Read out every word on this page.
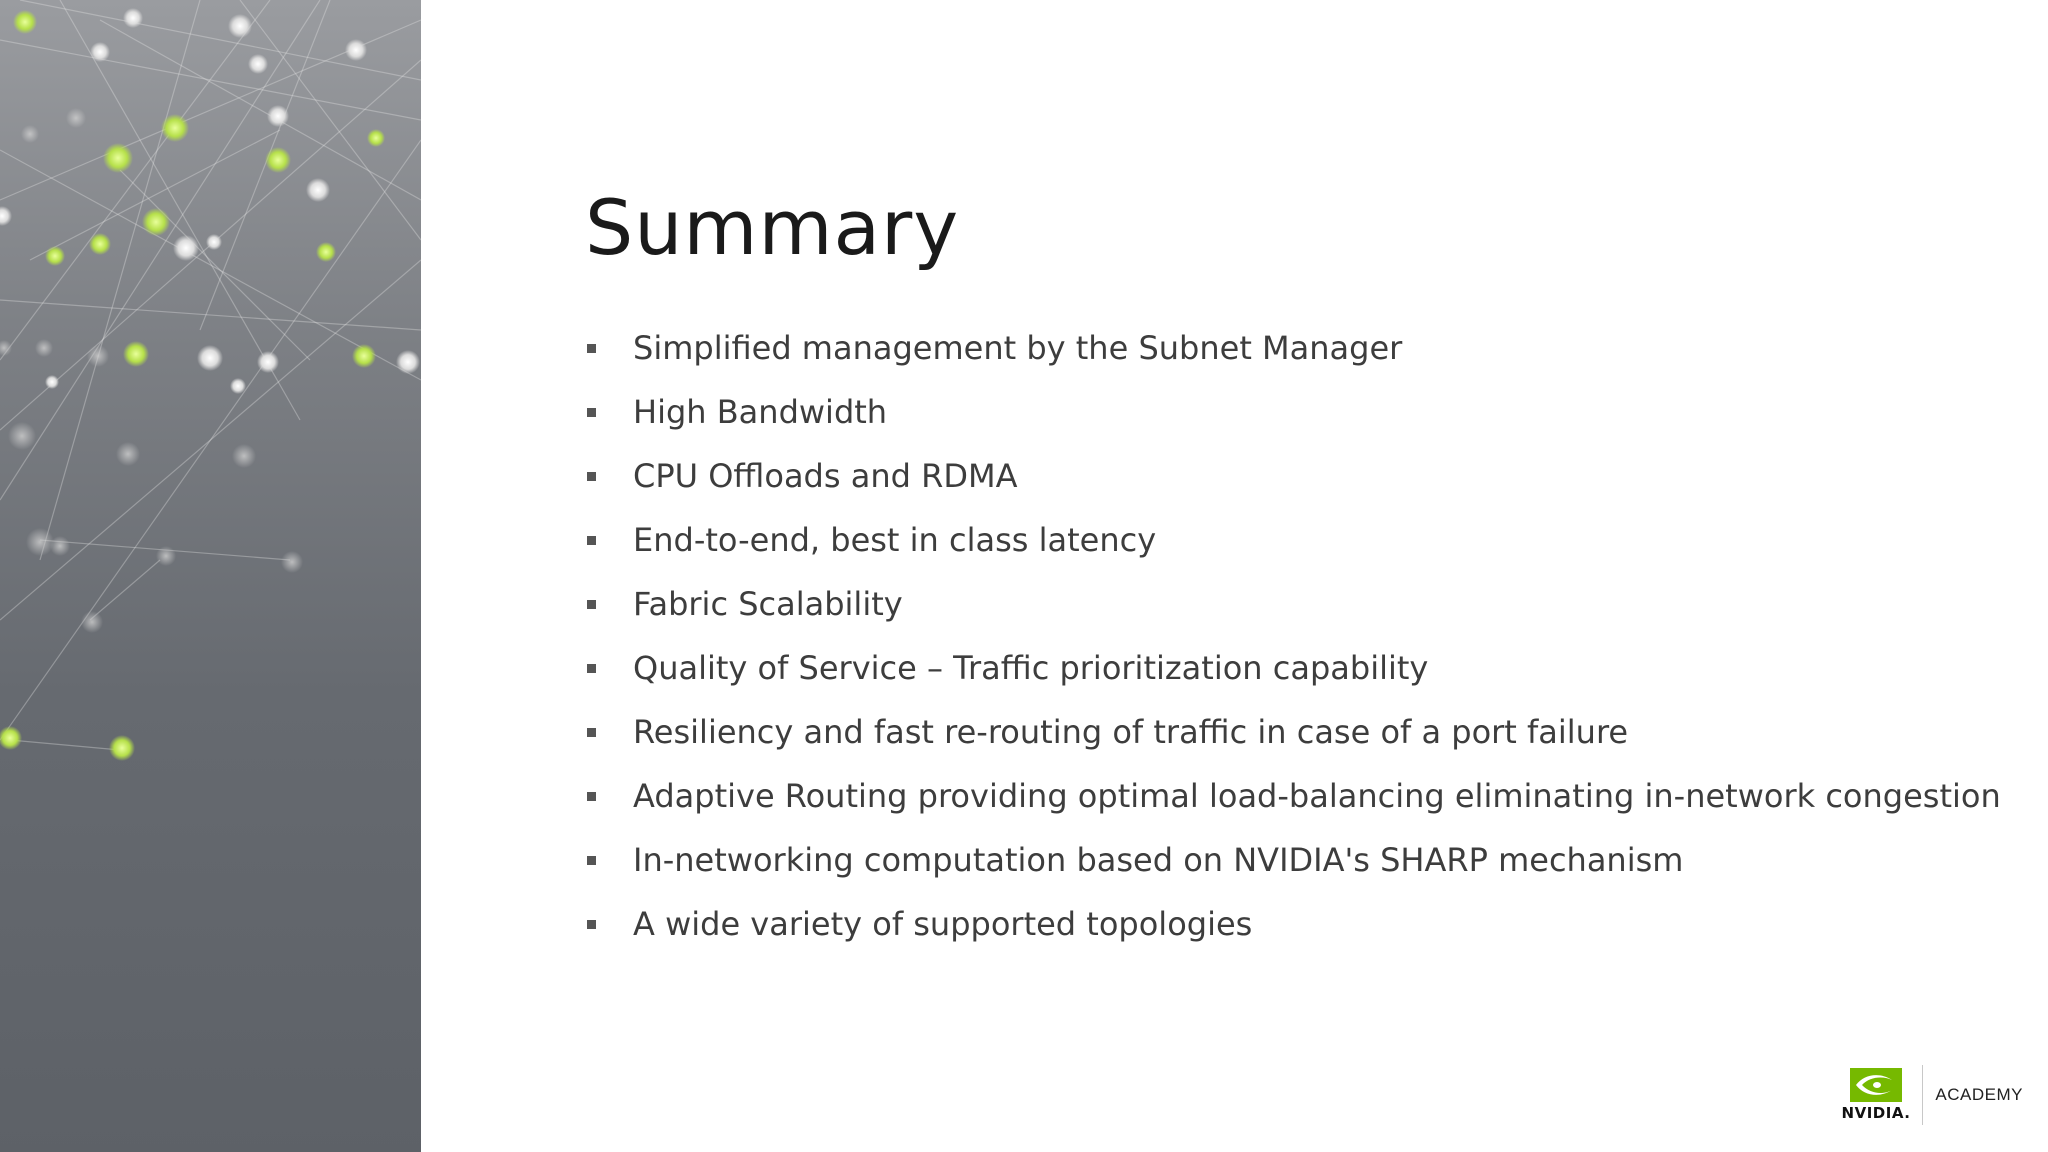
Summary
Simplified management by the Subnet Manager
High Bandwidth
CPU Offloads and RDMA
End-to-end, best in class latency
Fabric Scalability
Quality of Service – Traffic prioritization capability
Resiliency and fast re-routing of traffic in case of a port failure
Adaptive Routing providing optimal load-balancing eliminating in-network congestion
In-networking computation based on NVIDIA's SHARP mechanism
A wide variety of supported topologies
NVIDIA.
ACADEMY
